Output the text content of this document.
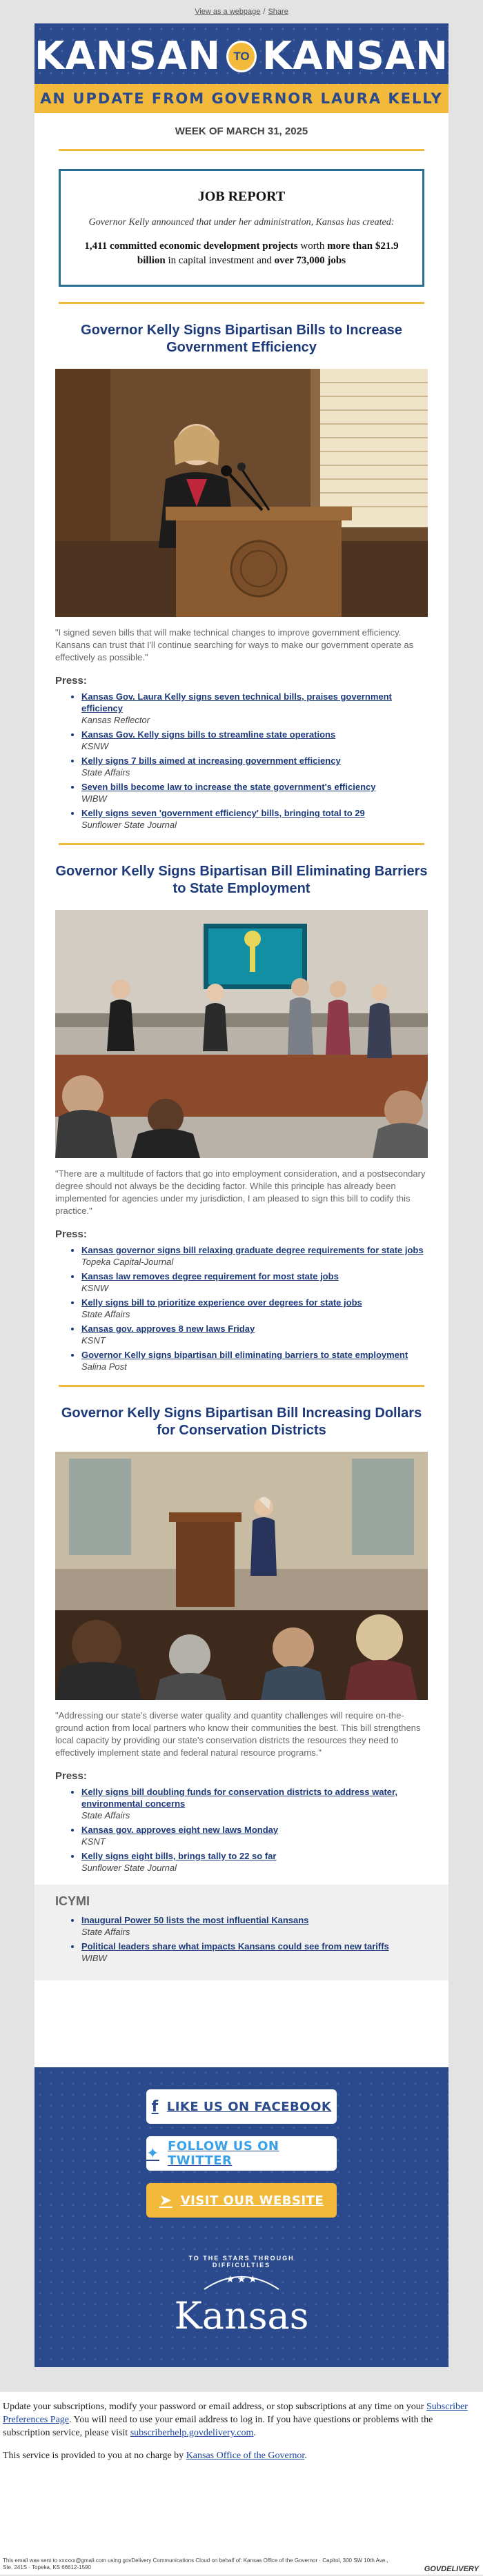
View as a webpage / Share
KANSAN	TO KANSAN
AN UPDATE FROM GOVERNOR LAURA KELLY
WEEK OF MARCH 31, 2025
JOB REPORT

Governor Kelly announced that under her administration, Kansas has created:

1,411 committed economic development projects worth more than $21.9 billion in capital investment and over 73,000 jobs

Governor Kelly Signs Bipartisan Bills to Increase Government Efficiency

"I signed seven bills that will make technical changes to improve government efficiency. Kansans can trust that I'll continue searching for ways to make our government operate as effectively as possible."

Press:

• Kansas Gov. Laura Kelly signs seven technical bills, praises government efficiency
Kansas Reflector
• Kansas Gov. Kelly signs bills to streamline state operations
KSNW
• Kelly signs 7 bills aimed at increasing government efficiency
State Affairs
• Seven bills become law to increase the state government's efficiency
WIBW
• Kelly signs seven 'government efficiency' bills, bringing total to 29
Sunflower State Journal
Governor Kelly Signs Bipartisan Bill Eliminating Barriers to State Employment

"There are a multitude of factors that go into employment consideration, and a postsecondary degree should not always be the deciding factor. While this principle has already been implemented for agencies under my jurisdiction, I am pleased to sign this bill to codify this practice."

Press:

• Kansas governor signs bill relaxing graduate degree requirements for state jobs
Topeka Capital-Journal
• Kansas law removes degree requirement for most state jobs
KSNW
• Kelly signs bill to prioritize experience over degrees for state jobs
State Affairs
• Kansas gov. approves 8 new laws Friday
KSNT
• Governor Kelly signs bipartisan bill eliminating barriers to state employment
Salina Post
Governor Kelly Signs Bipartisan Bill Increasing Dollars for Conservation Districts

"Addressing our state's diverse water quality and quantity challenges will require on-the-ground action from local partners who know their communities the best. This bill strengthens local capacity by providing our state's conservation districts the resources they need to effectively implement state and federal natural resource programs."

Press:

• Kelly signs bill doubling funds for conservation districts to address water, environmental concerns
State Affairs
• Kansas gov. approves eight new laws Monday
KSNT
• Kelly signs eight bills, brings tally to 22 so far
Sunflower State Journal
ICYMI
• Inaugural Power 50 lists the most influential Kansans
State Affairs
• Political leaders share what impacts Kansans could see from new tariffs
WIBW
f LIKE US ON FACEBOOK
✦ FOLLOW US ON TWITTER
➤ VISIT OUR WEBSITE
TO THE STARS THROUGH DIFFICULTIES
★ ★ ★
Kansas

Update your subscriptions, modify your password or email address, or stop subscriptions at any time on your Subscriber Preferences Page. You will need to use your email address to log in. If you have questions or problems with the subscription service, please visit subscriberhelp.govdelivery.com.

This service is provided to you at no charge by Kansas Office of the Governor.

This email was sent to xxxxxx@gmail.com using govDelivery Communications Cloud on behalf of: Kansas Office of the Governor · Capitol, 300 SW 10th Ave., Ste. 241S · Topeka, KS 66612-1590	GOVDELIVERY
